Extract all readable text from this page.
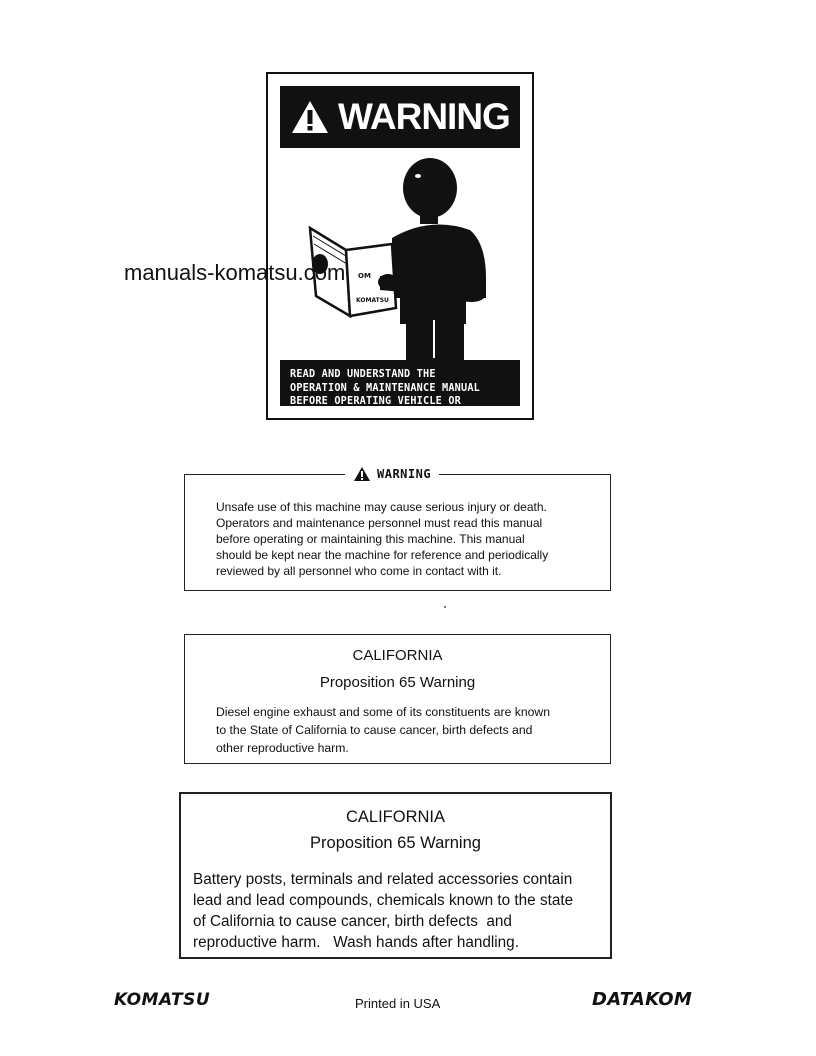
WARNING
OM
KOMATSU
READ AND UNDERSTAND THE
OPERATION & MAINTENANCE MANUAL
BEFORE OPERATING VEHICLE OR
PERFORMING ANY MAINTENANCE.
manuals-komatsu.com
WARNING
Unsafe use of this machine may cause serious injury or death.
Operators and maintenance personnel must read this manual
before operating or maintaining this machine. This manual
should be kept near the machine for reference and periodically
reviewed by all personnel who come in contact with it.
CALIFORNIA
Proposition 65 Warning
Diesel engine exhaust and some of its constituents are known
to the State of California to cause cancer, birth defects and
other reproductive harm.
CALIFORNIA
Proposition 65 Warning
Battery posts, terminals and related accessories contain
lead and lead compounds, chemicals known to the state
of California to cause cancer, birth defects  and
reproductive harm.   Wash hands after handling.
KOMATSU	Printed in USA	DATAKOM
